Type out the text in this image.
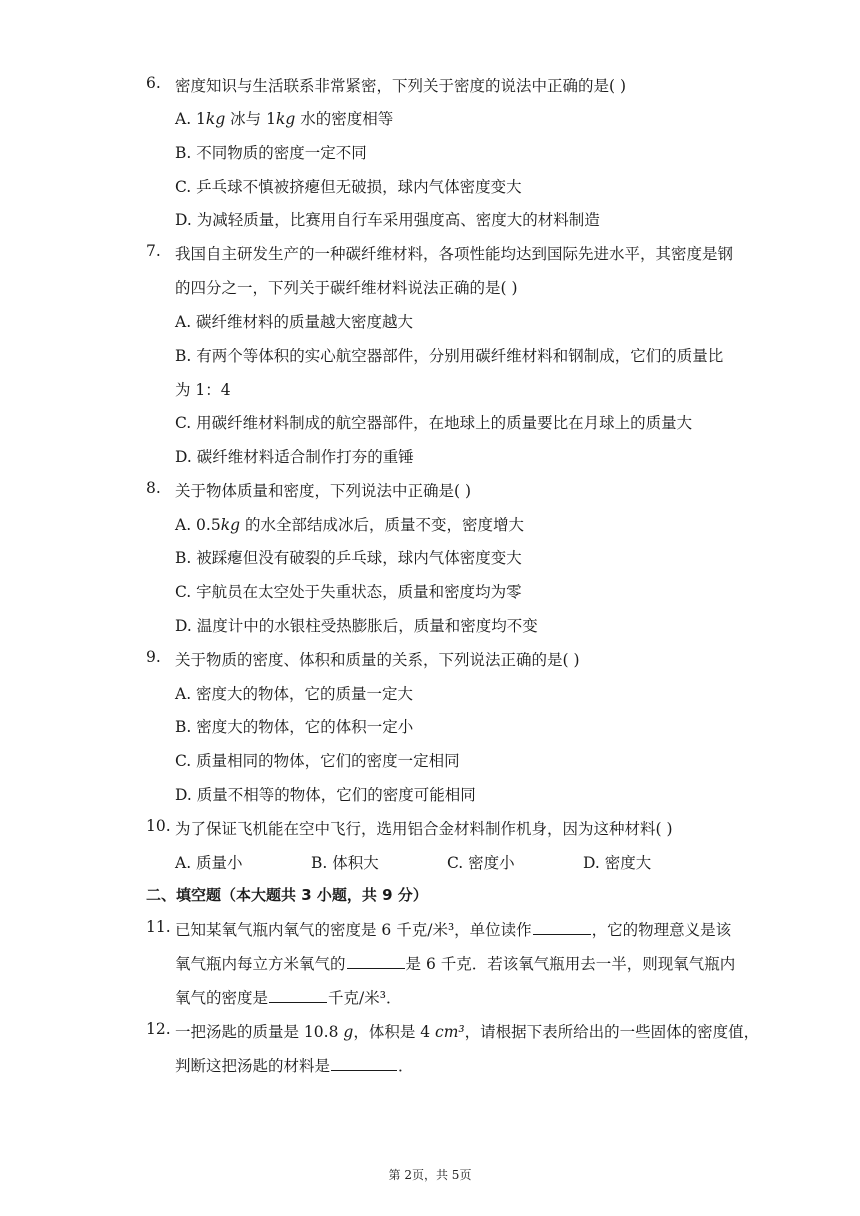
6. 密度知识与生活联系非常紧密，下列关于密度的说法中正确的是( )
A. 1kg 冰与 1kg 水的密度相等
B. 不同物质的密度一定不同
C. 乒乓球不慎被挤瘪但无破损，球内气体密度变大
D. 为减轻质量，比赛用自行车采用强度高、密度大的材料制造
7. 我国自主研发生产的一种碳纤维材料，各项性能均达到国际先进水平，其密度是钢
的四分之一，下列关于碳纤维材料说法正确的是( )
A. 碳纤维材料的质量越大密度越大
B. 有两个等体积的实心航空器部件，分别用碳纤维材料和钢制成，它们的质量比
为 1：4
C. 用碳纤维材料制成的航空器部件，在地球上的质量要比在月球上的质量大
D. 碳纤维材料适合制作打夯的重锤
8. 关于物体质量和密度，下列说法中正确是( )
A. 0.5kg 的水全部结成冰后，质量不变，密度增大
B. 被踩瘪但没有破裂的乒乓球，球内气体密度变大
C. 宇航员在太空处于失重状态，质量和密度均为零
D. 温度计中的水银柱受热膨胀后，质量和密度均不变
9. 关于物质的密度、体积和质量的关系，下列说法正确的是( )
A. 密度大的物体，它的质量一定大
B. 密度大的物体，它的体积一定小
C. 质量相同的物体，它们的密度一定相同
D. 质量不相等的物体，它们的密度可能相同
10. 为了保证飞机能在空中飞行，选用铝合金材料制作机身，因为这种材料( )
A. 质量小	B. 体积大	C. 密度小	D. 密度大
二、填空题（本大题共 3 小题，共 9 分）
11. 已知某氧气瓶内氧气的密度是 6 千克/米³，单位读作	，它的物理意义是该
氧气瓶内每立方米氧气的	是 6 千克．若该氧气瓶用去一半，则现氧气瓶内
氧气的密度是	千克/米³．
12. 一把汤匙的质量是 10.8 g，体积是 4 cm³，请根据下表所给出的一些固体的密度值，
判断这把汤匙的材料是	．
第 2页，共 5页
